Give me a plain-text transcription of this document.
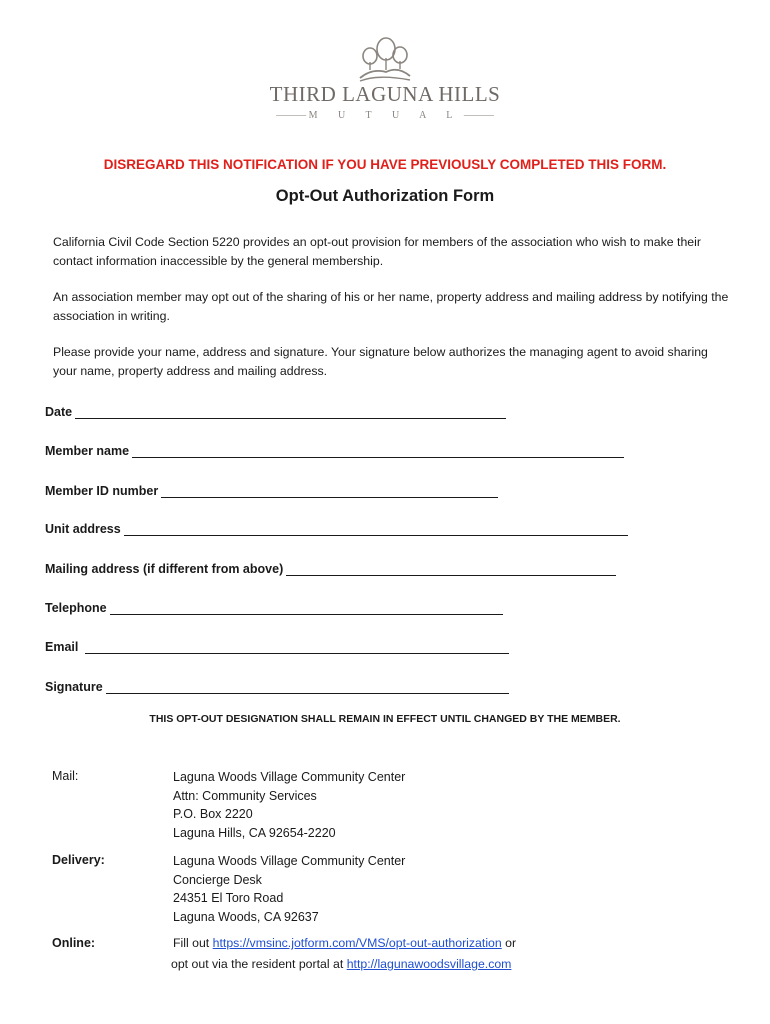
THIRD LAGUNA HILLS
——— M U T U A L ———
DISREGARD THIS NOTIFICATION IF YOU HAVE PREVIOUSLY COMPLETED THIS FORM.
Opt-Out Authorization Form
California Civil Code Section 5220 provides an opt-out provision for members of the association who wish to make their contact information inaccessible by the general membership.
An association member may opt out of the sharing of his or her name, property address and mailing address by notifying the association in writing.
Please provide your name, address and signature. Your signature below authorizes the managing agent to avoid sharing your name, property address and mailing address.
Date
Member name
Member ID number
Unit address
Mailing address (if different from above)
Telephone
Email
Signature
THIS OPT-OUT DESIGNATION SHALL REMAIN IN EFFECT UNTIL CHANGED BY THE MEMBER.
Mail:	Laguna Woods Village Community Center
Attn: Community Services
P.O. Box 2220
Laguna Hills, CA 92654-2220
Delivery:	Laguna Woods Village Community Center
Concierge Desk
24351 El Toro Road
Laguna Woods, CA 92637
Online:	Fill out https://vmsinc.jotform.com/VMS/opt-out-authorization or
opt out via the resident portal at http://lagunawoodsvillage.com
